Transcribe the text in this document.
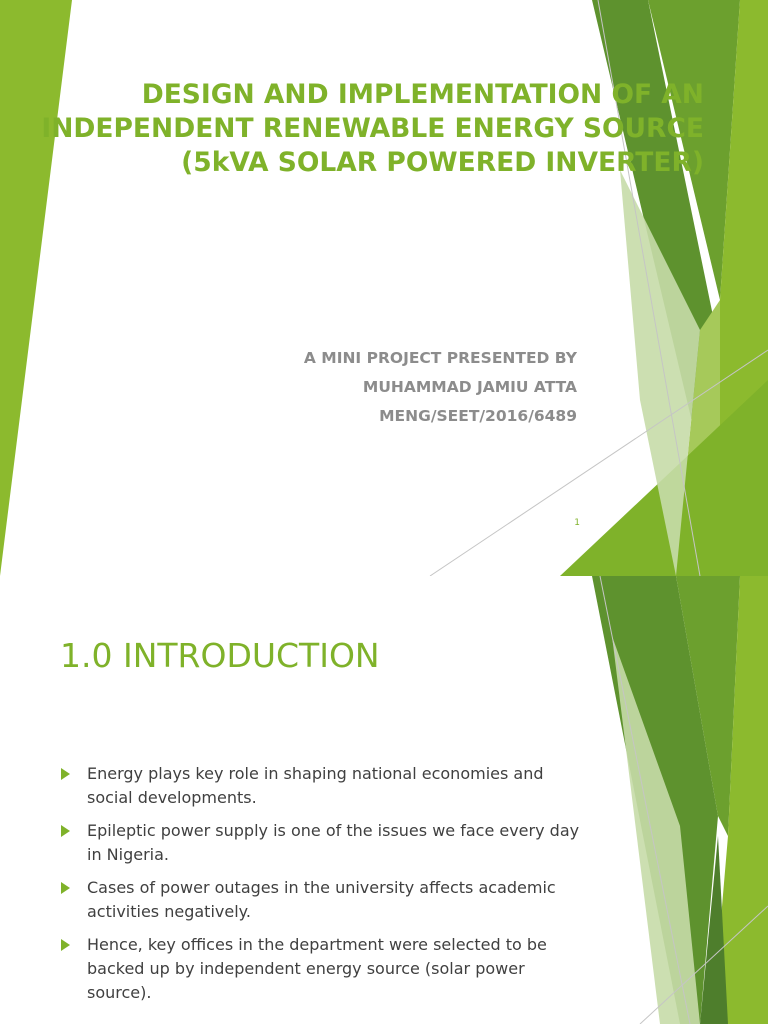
DESIGN AND IMPLEMENTATION OF AN
INDEPENDENT RENEWABLE ENERGY SOURCE
(5kVA SOLAR POWERED INVERTER)
A MINI PROJECT PRESENTED BY
MUHAMMAD JAMIU ATTA
MENG/SEET/2016/6489
1
1.0 INTRODUCTION
Energy plays key role in shaping national economies and social developments.
Epileptic power supply is one of the issues we face every day in Nigeria.
Cases of power outages in the university affects academic activities negatively.
Hence, key offices in the department were selected to be backed up by independent energy source (solar power source).
